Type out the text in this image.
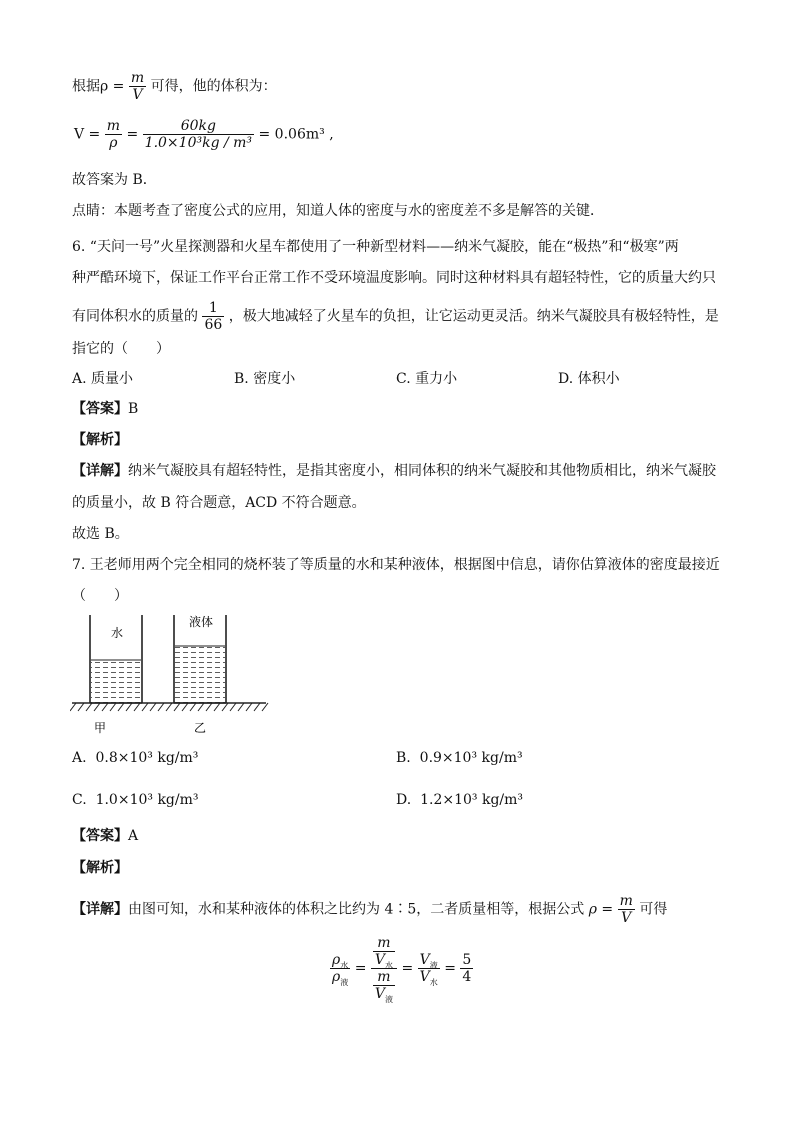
根据$\rho = \frac{m}{V}$ 可得，他的体积为：
$V = \frac{m}{\rho} = \frac{60kg}{\text{1.0×10³kg / m³}} = 0.06m^3$ ,
故答案为 B．
点睛：本题考查了密度公式的应用，知道人体的密度与水的密度差不多是解答的关键．
6. “天问一号”火星探测器和火星车都使用了一种新型材料——纳米气凝胶，能在“极热”和“极寒”两
种严酷环境下，保证工作平台正常工作不受环境温度影响。同时这种材料具有超轻特性，它的质量大约只
有同体积水的质量的 $\frac{1}{66}$ ，极大地减轻了火星车的负担，让它运动更灵活。纳米气凝胶具有极轻特性，是
指它的（　　）
A. 质量小	B. 密度小	C. 重力小	D. 体积小
【答案】B
【解析】
【详解】纳米气凝胶具有超轻特性，是指其密度小，相同体积的纳米气凝胶和其他物质相比，纳米气凝胶
的质量小，故 B 符合题意，ACD 不符合题意。
故选 B。
7. 王老师用两个完全相同的烧杯装了等质量的水和某种液体，根据图中信息，请你估算液体的密度最接近
（　　）
水
液体
甲	乙
A. 0.8×10³ kg/m³	B. 0.9×10³ kg/m³
C. 1.0×10³ kg/m³	D. 1.2×10³ kg/m³
【答案】A
【解析】
【详解】由图可知，水和某种液体的体积之比约为 4∶5，二者质量相等，根据公式 $\rho = \frac{m}{V}$ 可得
$\frac{\rho_水}{\rho_液} = \frac{\frac{m}{V_水}}{\frac{m}{V_液}} = \frac{V_液}{V_水} = \frac{5}{4}$
